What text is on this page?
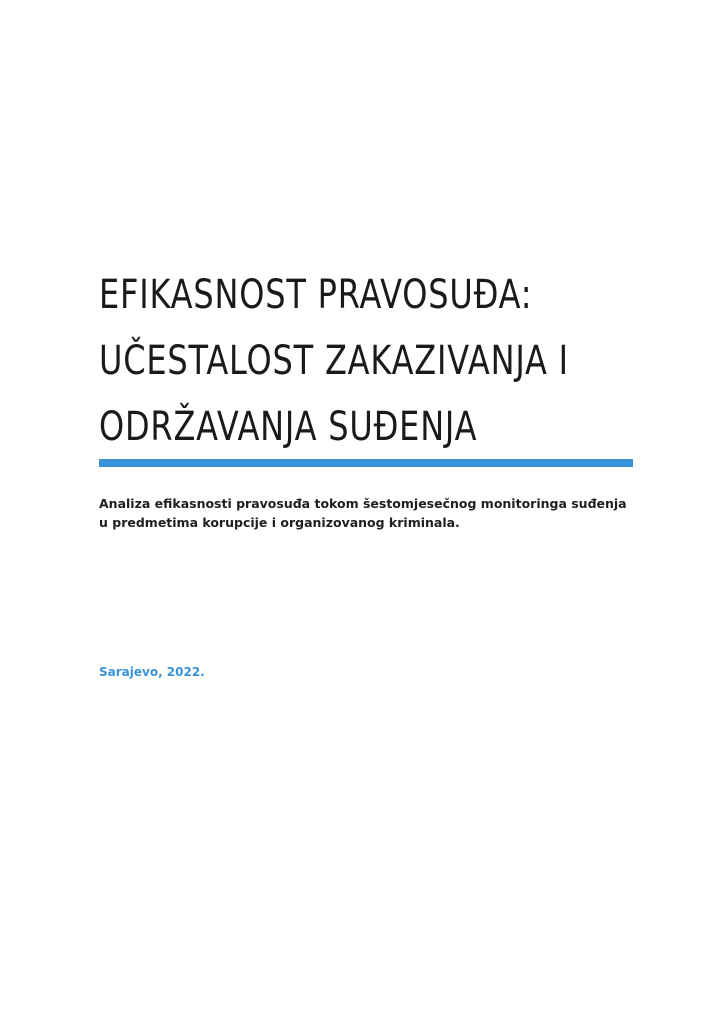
EFIKASNOST PRAVOSUĐA:
UČESTALOST ZAKAZIVANJA I
ODRŽAVANJA SUĐENJA

Analiza efikasnosti pravosuđa tokom šestomjesečnog monitoringa suđenja
u predmetima korupcije i organizovanog kriminala.

Sarajevo, 2022.
